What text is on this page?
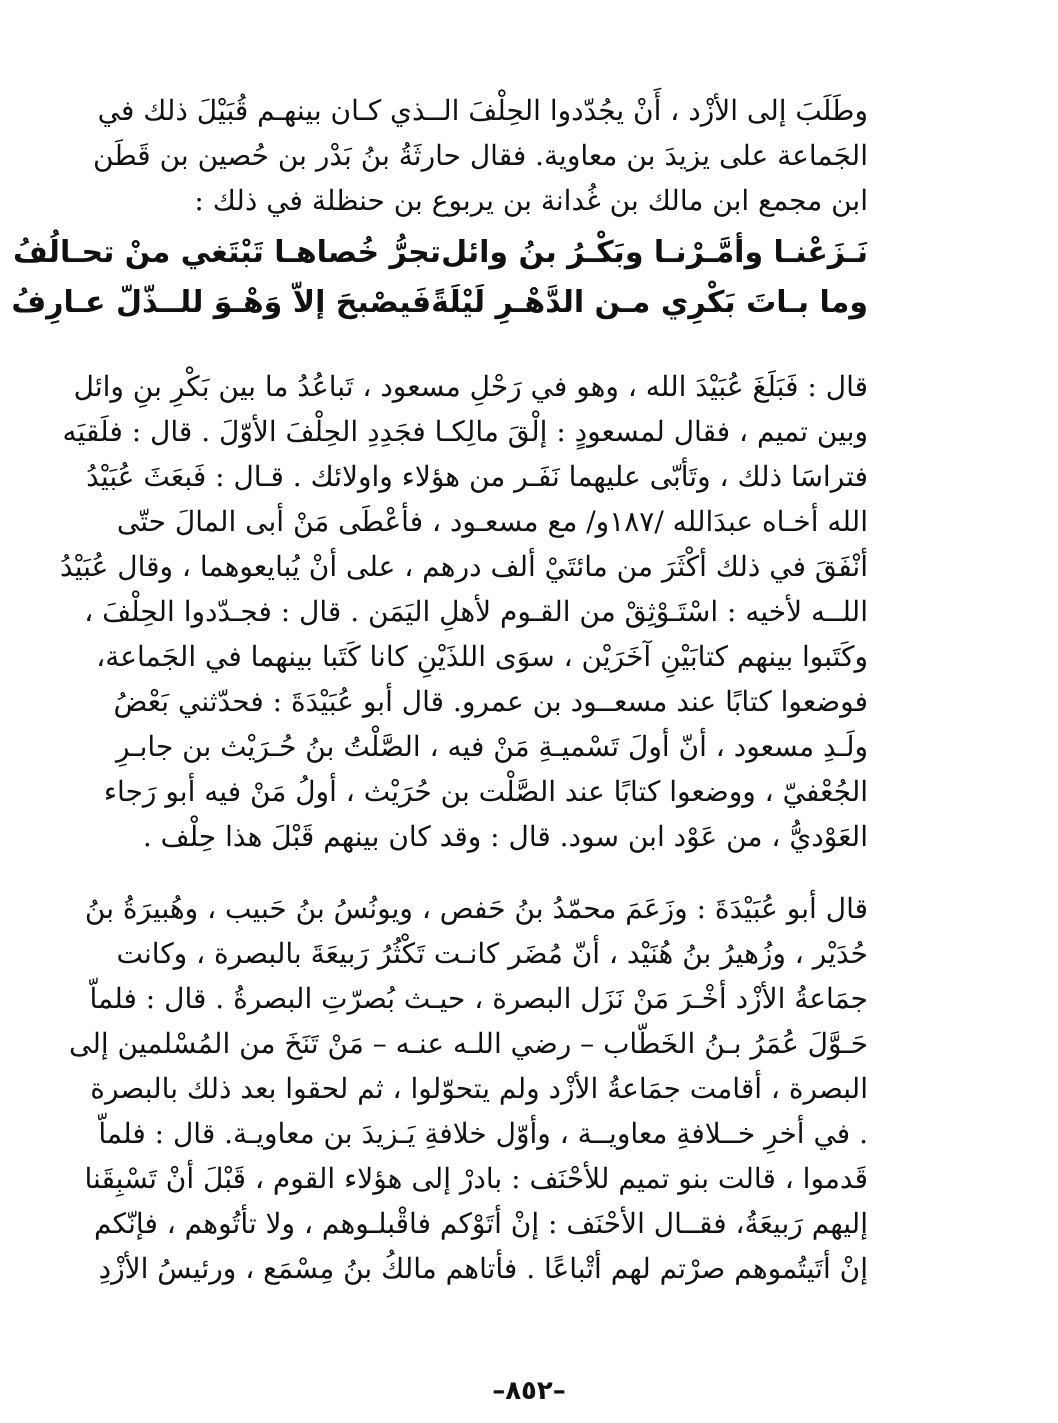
وطَلَبَ إلى الأزْد ، أَنْ يجُدّدوا الحِلْفَ الــذي كـان بينهـم قُبَيْلَ ذلك في
الجَماعة على يزيدَ بن معاوية. فقال حارثَةُ بنُ بَدْر بن حُصين بن قَطَن
ابن مجمع ابن مالك بن غُدانة بن يربوع بن حنظلة في ذلك :
نَـزَعْنـا وأمَّـرْنـا وبَكْـرُ بنُ وائل
تجرُّ خُصاهـا تَبْتَغي منْ تحـالُفُ
وما بـاتَ بَكْرِي مـن الدَّهْـرِ لَيْلَةً
فَيصْبحَ إلاّ وَهْـوَ للــذّلّ عـارِفُ
قال : فَبَلَغَ عُبَيْدَ الله ، وهو في رَحْلِ مسعود ، تَباعُدُ ما بين بَكْرِ بنِ وائل
وبين تميم ، فقال لمسعودٍ : إلْقَ مالِكـا فجَدِدِ الحِلْفَ الأوّلَ . قال : فلَقيَه
فتراسَا ذلك ، وتَأبّى عليهما نَفَـر من هؤلاء واولائك . قـال : فَبعَثَ عُبَيْدُ
الله أخـاه عبدَالله /١٨٧و/ مع مسعـود ، فأعْطَى مَنْ أبى المالَ حتّى
أنْفَقَ في ذلك أكْثَرَ من مائتَيْ ألف درهم ، على أنْ يُبايعوهما ، وقال عُبَيْدُ
اللــه لأخيه : اسْتَـوْثِقْ من القـوم لأهلِ اليَمَن . قال : فجـدّدوا الحِلْفَ ،
وكَتَبوا بينهم كتابَيْنِ آخَرَيْن ، سوَى اللذَيْنِ كانا كَتَبا بينهما في الجَماعة،
فوضعوا كتابًا عند مسعــود بن عمرو. قال أبو عُبَيْدَةَ : فحدّثني بَعْضُ
ولَـدِ مسعود ، أنّ أولَ تَسْميـةِ مَنْ فيه ، الصَّلْتُ بنُ حُـرَيْث بن جابـرِ
الجُعْفيّ ، ووضعوا كتابًا عند الصَّلْت بن حُرَيْث ، أولُ مَنْ فيه أبو رَجاء
العَوْديُّ ، من عَوْد ابن سود. قال : وقد كان بينهم قَبْلَ هذا حِلْف .
قال أبو عُبَيْدَةَ : وزَعَمَ محمّدُ بنُ حَفص ، ويونُسُ بنُ حَبيب ، وهُبيرَةُ بنُ
حُدَيْر ، وزُهيرُ بنُ هُنَيْد ، أنّ مُضَر كانـت تَكْثُرُ رَبيعَةَ بالبصرة ، وكانت
جمَاعةُ الأزْد أخْـرَ مَنْ نَزَل البصرة ، حيـث بُصرّتِ البصرةُ . قال : فلماّ
حَـوَّلَ عُمَرُ بـنُ الخَطّاب – رضي اللـه عنـه – مَنْ تَنَخَ من المُسْلمين إلى
البصرة ، أقامت جمَاعةُ الأزْد ولم يتحوّلوا ، ثم لحقوا بعد ذلك بالبصرة
. في أخرِ خــلافةِ معاويــة ، وأوّل خلافةِ يَـزيدَ بن معاويـة. قال : فلماّ
قَدموا ، قالت بنو تميم للأحْنَف : بادرْ إلى هؤلاء القوم ، قَبْلَ أنْ تَسْبِقَنا
إليهم رَبيعَةُ، فقــال الأحْنَف : إنْ أتَوْكم فاقْبلـوهم ، ولا تأتُوهم ، فإنّكم
إنْ أتَيتُموهم صرْتم لهم أتْباعًا . فأتاهم مالكُ بنُ مِسْمَع ، ورئيسُ الأزْدِ
–٨٥٢–
